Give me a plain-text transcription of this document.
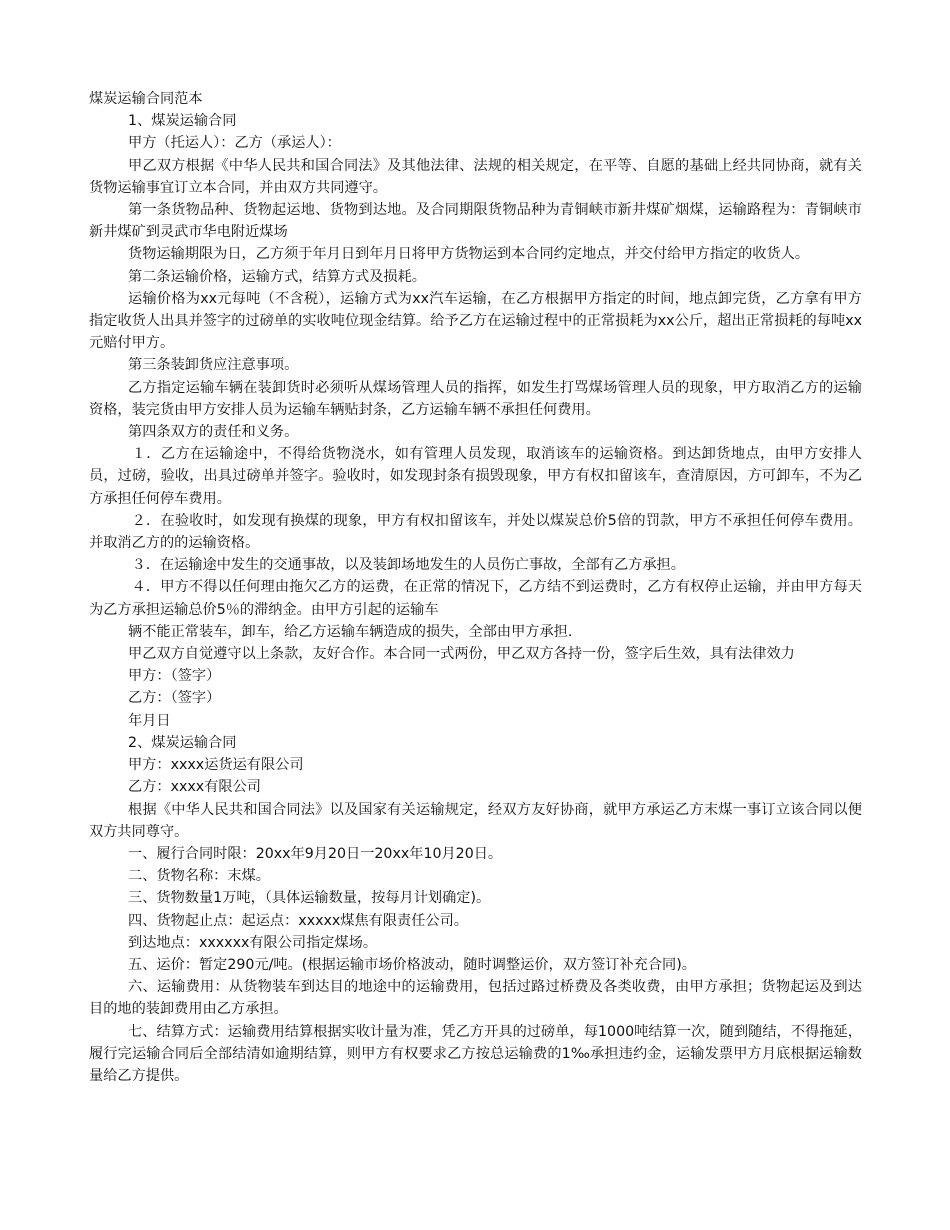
煤炭运输合同范本

1、煤炭运输合同

甲方（托运人）：乙方（承运人）：

甲乙双方根据《中华人民共和国合同法》及其他法律、法规的相关规定，在平等、自愿的基础上经共同协商，就有关货物运输事宜订立本合同，并由双方共同遵守。

第一条货物品种、货物起运地、货物到达地。及合同期限货物品种为青铜峡市新井煤矿烟煤，运输路程为：青铜峡市新井煤矿到灵武市华电附近煤场

货物运输期限为日，乙方须于年月日到年月日将甲方货物运到本合同约定地点，并交付给甲方指定的收货人。

第二条运输价格，运输方式，结算方式及损耗。

运输价格为xx元每吨（不含税），运输方式为xx汽车运输，在乙方根据甲方指定的时间，地点卸完货，乙方拿有甲方指定收货人出具并签字的过磅单的实收吨位现金结算。给予乙方在运输过程中的正常损耗为xx公斤，超出正常损耗的每吨xx元赔付甲方。

第三条装卸货应注意事项。

乙方指定运输车辆在装卸货时必须听从煤场管理人员的指挥，如发生打骂煤场管理人员的现象，甲方取消乙方的运输资格，装完货由甲方安排人员为运输车辆贴封条，乙方运输车辆不承担任何费用。

第四条双方的责任和义务。

１．乙方在运输途中，不得给货物浇水，如有管理人员发现，取消该车的运输资格。到达卸货地点，由甲方安排人员，过磅，验收，出具过磅单并签字。验收时，如发现封条有损毁现象，甲方有权扣留该车，查清原因，方可卸车，不为乙方承担任何停车费用。

２．在验收时，如发现有换煤的现象，甲方有权扣留该车，并处以煤炭总价5倍的罚款，甲方不承担任何停车费用。并取消乙方的的运输资格。

３．在运输途中发生的交通事故，以及装卸场地发生的人员伤亡事故，全部有乙方承担。

４．甲方不得以任何理由拖欠乙方的运费，在正常的情况下，乙方结不到运费时，乙方有权停止运输，并由甲方每天为乙方承担运输总价5％的滞纳金。由甲方引起的运输车

辆不能正常装车，卸车，给乙方运输车辆造成的损失，全部由甲方承担.

甲乙双方自觉遵守以上条款，友好合作。本合同一式两份，甲乙双方各持一份，签字后生效，具有法律效力

甲方：（签字）

乙方：（签字）

年月日

2、煤炭运输合同

甲方：xxxx运货运有限公司

乙方：xxxx有限公司

根据《中华人民共和国合同法》以及国家有关运输规定，经双方友好协商，就甲方承运乙方末煤一事订立该合同以便双方共同尊守。

一、履行合同时限：20xx年9月20日一20xx年10月20日。

二、货物名称：末煤。

三、货物数量1万吨，（具体运输数量，按每月计划确定)。

四、货物起止点：起运点：xxxxx煤焦有限责任公司。

到达地点：xxxxxx有限公司指定煤场。

五、运价：暂定290元/吨。(根据运输市场价格波动，随时调整运价，双方签订补充合同)。

六、运输费用：从货物装车到达目的地途中的运输费用，包括过路过桥费及各类收费，由甲方承担；货物起运及到达目的地的装卸费用由乙方承担。

七、结算方式：运输费用结算根据实收计量为准，凭乙方开具的过磅单，每1000吨结算一次，随到随结，不得拖延，履行完运输合同后全部结清如逾期结算，则甲方有权要求乙方按总运输费的1‰承担违约金，运输发票甲方月底根据运输数量给乙方提供。
